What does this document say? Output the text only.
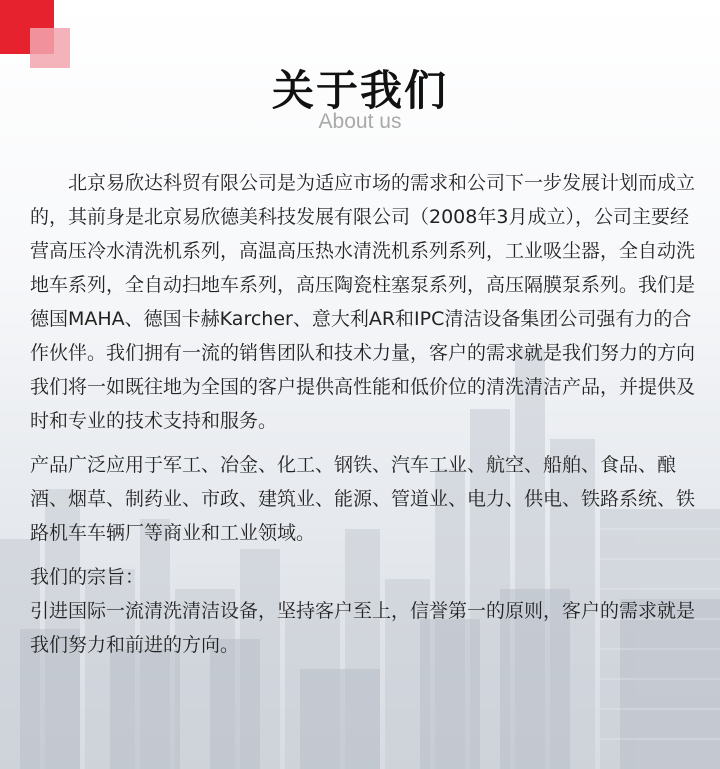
关于我们
About us

北京易欣达科贸有限公司是为适应市场的需求和公司下一步发展计划而成立的，其前身是北京易欣德美科技发展有限公司（2008年3月成立），公司主要经营高压冷水清洗机系列，高温高压热水清洗机系列系列，工业吸尘器，全自动洗地车系列，全自动扫地车系列，高压陶瓷柱塞泵系列，高压隔膜泵系列。我们是德国MAHA、德国卡赫Karcher、意大利AR和IPC清洁设备集团公司强有力的合作伙伴。我们拥有一流的销售团队和技术力量，客户的需求就是我们努力的方向

我们将一如既往地为全国的客户提供高性能和低价位的清洗清洁产品，并提供及时和专业的技术支持和服务。

产品广泛应用于军工、冶金、化工、钢铁、汽车工业、航空、船舶、食品、酿酒、烟草、制药业、市政、建筑业、能源、管道业、电力、供电、铁路系统、铁路机车车辆厂等商业和工业领域。

我们的宗旨：

引进国际一流清洗清洁设备，坚持客户至上，信誉第一的原则，客户的需求就是我们努力和前进的方向。
